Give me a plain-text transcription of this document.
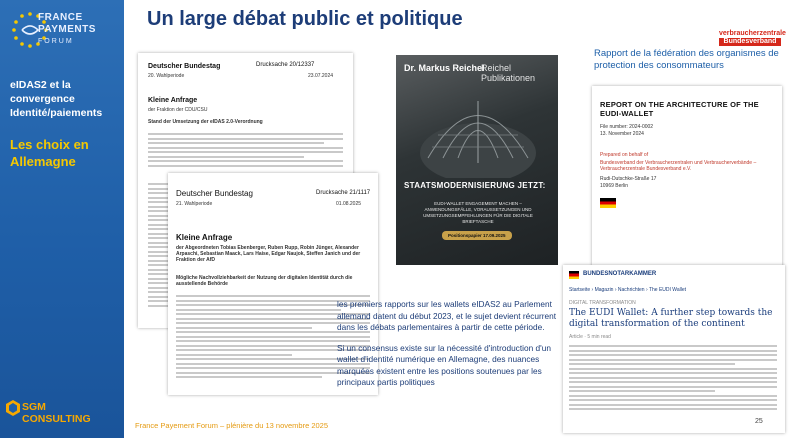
FRANCE
PAYMENTS
FORUM
eIDAS2 et la convergence Identité/paiements
Les choix en Allemagne
SGM
CONSULTING
Un large débat public et politique
Deutscher Bundestag	Drucksache 20/12337
20. Wahlperiode	23.07.2024
Kleine Anfrage
der Fraktion der CDU/CSU
Stand der Umsetzung der eIDAS 2.0-Verordnung
Deutscher Bundestag	Drucksache 21/1117
21. Wahlperiode	01.08.2025
Kleine Anfrage
der Abgeordneten Tobias Ebenberger, Ruben Rupp, Robin Jünger, Alexander Arpaschi, Sebastian Maack, Lars Haise, Edgar Naujok, Steffen Janich und der Fraktion der AfD
Mögliche Nachvollziehbarkeit der Nutzung der digitalen Identität durch die ausstellende Behörde
Dr. Markus Reichel
Reichel Publikationen
STAATSMODERNISIERUNG JETZT:
EUDI-WALLET ENGAGEMENT MACHEN – ANWENDUNGSFÄLLE, VORAUSSETZUNGEN UND UMSETZUNGSEMPFEHLUNGEN FÜR DIE DIGITALE BRIEFTASCHE
Positionspapier 17.09.2025
Rapport de la fédération des organismes de protection des consommateurs
verbraucherzentrale
Bundesverband
REPORT ON THE ARCHITECTURE OF THE EUDI-WALLET
File number: 2024-0002
13. November 2024
Prepared on behalf of
Bundesverband der Verbraucherzentralen und Verbraucherverbände – Verbraucherzentrale Bundesverband e.V.
Rudi-Dutschke-Straße 17
10969 Berlin
BUNDESNOTARKAMMER
Startseite › Magazin › Nachrichten › The EUDI Wallet
DIGITAL TRANSFORMATION
The EUDI Wallet: A further step towards the digital transformation of the continent
Article · 5 min read

les premiers rapports sur les wallets eIDAS2 au Parlement allemand datent du début 2023, et le sujet devient récurrent dans les débats parlementaires à partir de cette période.

Si un consensus existe sur la nécessité d'introduction d'un wallet d'identité numérique en Allemagne, des nuances marquées existent entre les positions soutenues par les principaux partis politiques

France Payement Forum – plénière du 13 novembre 2025	25
